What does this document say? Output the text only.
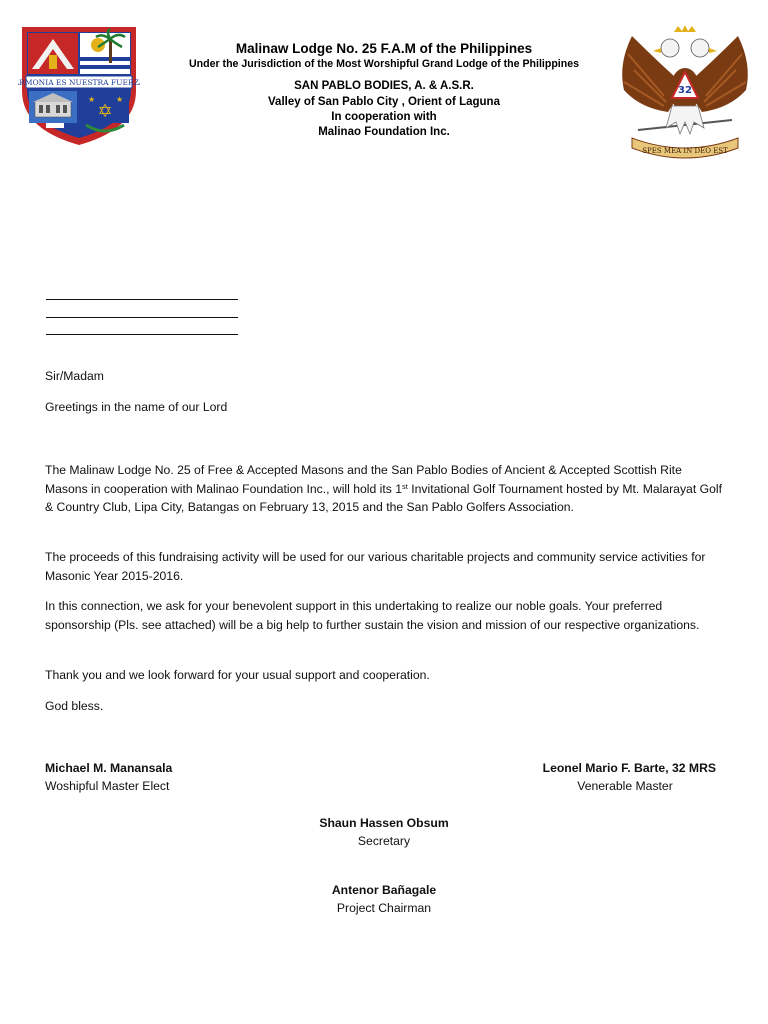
ARMONIA ES NUESTRA FUERZA
✡
★	★
Malinaw Lodge No. 25 F.A.M of the Philippines
Under the Jurisdiction of the Most Worshipful Grand Lodge of the Philippines
SAN PABLO BODIES, A. & A.S.R.
Valley of San Pablo City , Orient of Laguna
In cooperation with
Malinao Foundation Inc.
32
SPES MEA IN DEO EST
Sir/Madam
Greetings in the name of our Lord

The Malinaw Lodge No. 25 of Free & Accepted Masons and the San Pablo Bodies of Ancient & Accepted Scottish Rite Masons in cooperation with Malinao Foundation Inc., will hold its 1st Invitational Golf Tournament hosted by Mt. Malarayat Golf & Country Club, Lipa City, Batangas on February 13, 2015 and the San Pablo Golfers Association.

The proceeds of this fundraising activity will be used for our various charitable projects and community service activities for Masonic Year 2015-2016.
In this connection, we ask for your benevolent support in this undertaking to realize our noble goals. Your preferred sponsorship (Pls. see attached) will be a big help to further sustain the vision and mission of our respective organizations.
Thank you and we look forward for your usual support and cooperation.
God bless.
Michael M. Manansala
Woshipful Master Elect
Leonel Mario F. Barte, 32 MRS
Venerable Master
Shaun Hassen Obsum
Secretary
Antenor Bañagale
Project Chairman
